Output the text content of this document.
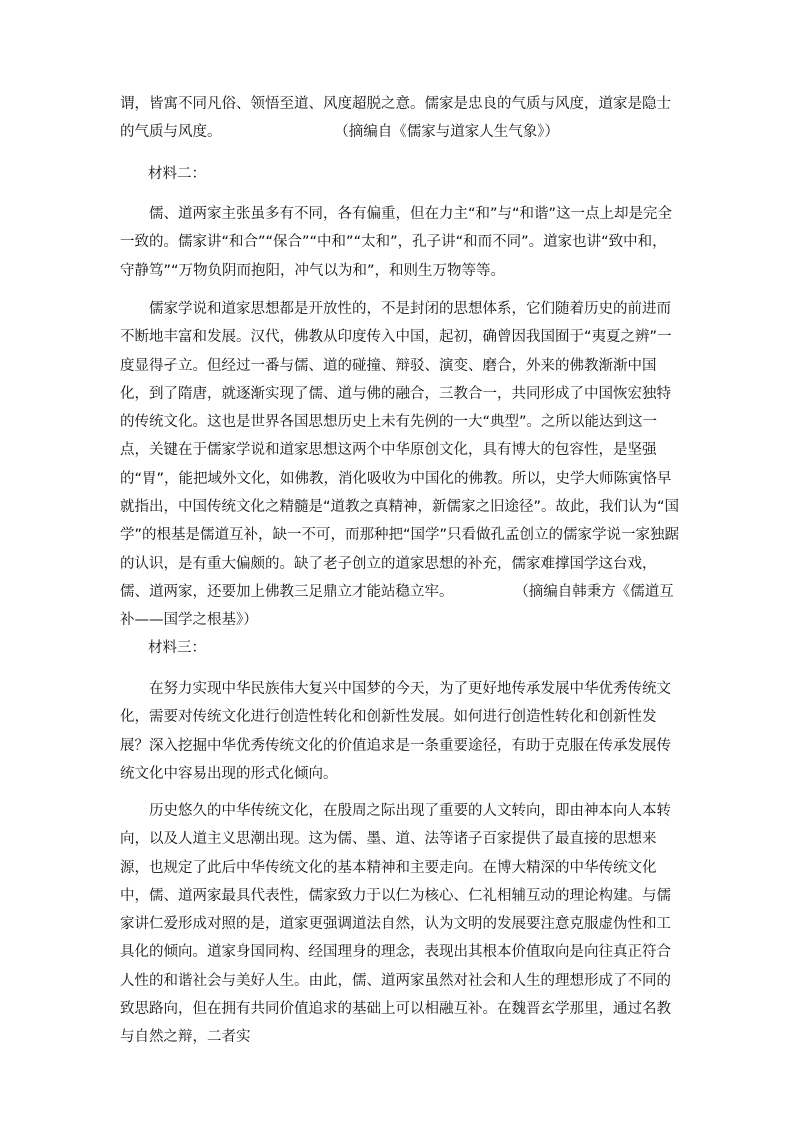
谓，皆寓不同凡俗、领悟至道、风度超脱之意。儒家是忠良的气质与风度，道家是隐士的气质与风度。	（摘编自《儒家与道家人生气象》）

材料二：

儒、道两家主张虽多有不同，各有偏重，但在力主“和”与“和谐”这一点上却是完全一致的。儒家讲“和合”“保合”“中和”“太和”，孔子讲“和而不同”。道家也讲“致中和，守静笃”“万物负阴而抱阳，冲气以为和”，和则生万物等等。

儒家学说和道家思想都是开放性的，不是封闭的思想体系，它们随着历史的前进而不断地丰富和发展。汉代，佛教从印度传入中国，起初，确曾因我国囿于“夷夏之辨”一度显得孑立。但经过一番与儒、道的碰撞、辩驳、演变、磨合，外来的佛教渐渐中国化，到了隋唐，就逐渐实现了儒、道与佛的融合，三教合一，共同形成了中国恢宏独特的传统文化。这也是世界各国思想历史上未有先例的一大“典型”。之所以能达到这一点，关键在于儒家学说和道家思想这两个中华原创文化，具有博大的包容性，是坚强的“胃”，能把域外文化，如佛教，消化吸收为中国化的佛教。所以，史学大师陈寅恪早就指出，中国传统文化之精髓是“道教之真精神，新儒家之旧途径”。故此，我们认为“国学”的根基是儒道互补，缺一不可，而那种把“国学”只看做孔孟创立的儒家学说一家独踞的认识，是有重大偏颇的。缺了老子创立的道家思想的补充，儒家难撑国学这台戏，儒、道两家，还要加上佛教三足鼎立才能站稳立牢。	（摘编自韩秉方《儒道互补——国学之根基》）

材料三：

在努力实现中华民族伟大复兴中国梦的今天，为了更好地传承发展中华优秀传统文化，需要对传统文化进行创造性转化和创新性发展。如何进行创造性转化和创新性发展？深入挖掘中华优秀传统文化的价值追求是一条重要途径，有助于克服在传承发展传统文化中容易出现的形式化倾向。

历史悠久的中华传统文化，在殷周之际出现了重要的人文转向，即由神本向人本转向，以及人道主义思潮出现。这为儒、墨、道、法等诸子百家提供了最直接的思想来源，也规定了此后中华传统文化的基本精神和主要走向。在博大精深的中华传统文化中，儒、道两家最具代表性，儒家致力于以仁为核心、仁礼相辅互动的理论构建。与儒家讲仁爱形成对照的是，道家更强调道法自然，认为文明的发展要注意克服虚伪性和工具化的倾向。道家身国同构、经国理身的理念，表现出其根本价值取向是向往真正符合人性的和谐社会与美好人生。由此，儒、道两家虽然对社会和人生的理想形成了不同的致思路向，但在拥有共同价值追求的基础上可以相融互补。在魏晋玄学那里，通过名教与自然之辩，二者实
